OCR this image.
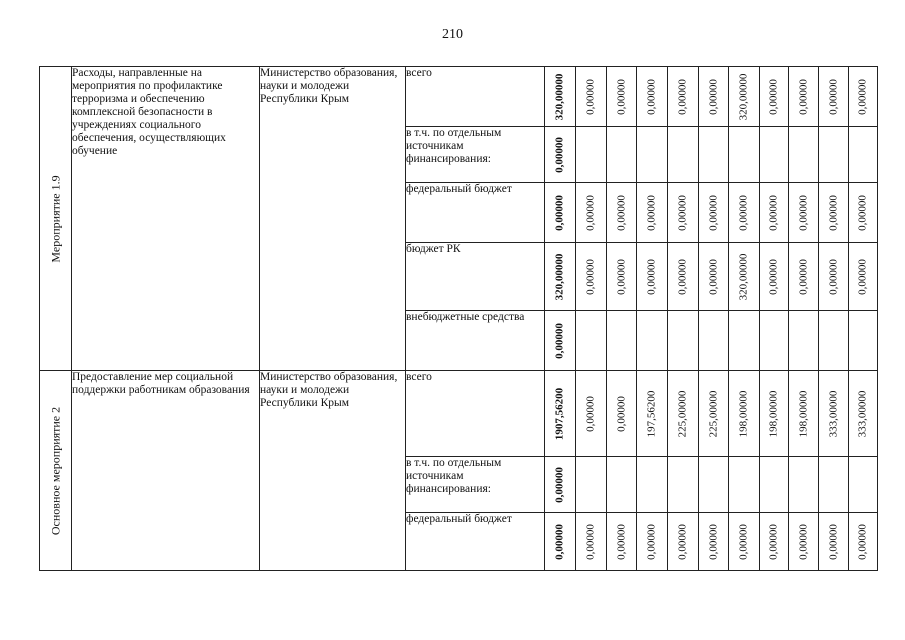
210
Мероприятие 1.9	Расходы, направленные на мероприятия по профилактике терроризма и обеспечению комплексной безопасности в учреждениях социального обеспечения, осуществляющих обучение	Министерство образования, науки и молодежи Республики Крым	всего	320,00000	0,00000	0,00000	0,00000	0,00000	0,00000	320,00000	0,00000	0,00000	0,00000	0,00000

			в т.ч. по отдельным источникам финансирования:	0,00000										

			федеральный бюджет	0,00000	0,00000	0,00000	0,00000	0,00000	0,00000	0,00000	0,00000	0,00000	0,00000	0,00000

			бюджет РК	320,00000	0,00000	0,00000	0,00000	0,00000	0,00000	320,00000	0,00000	0,00000	0,00000	0,00000

			внебюджетные средства	0,00000										

Основное мероприятие 2	Предоставление мер социальной поддержки работникам образования	Министерство образования, науки и молодежи Республики Крым	всего	1907,56200	0,00000	0,00000	197,56200	225,00000	225,00000	198,00000	198,00000	198,00000	333,00000	333,00000

			в т.ч. по отдельным источникам финансирования:	0,00000										

			федеральный бюджет	0,00000	0,00000	0,00000	0,00000	0,00000	0,00000	0,00000	0,00000	0,00000	0,00000	0,00000
